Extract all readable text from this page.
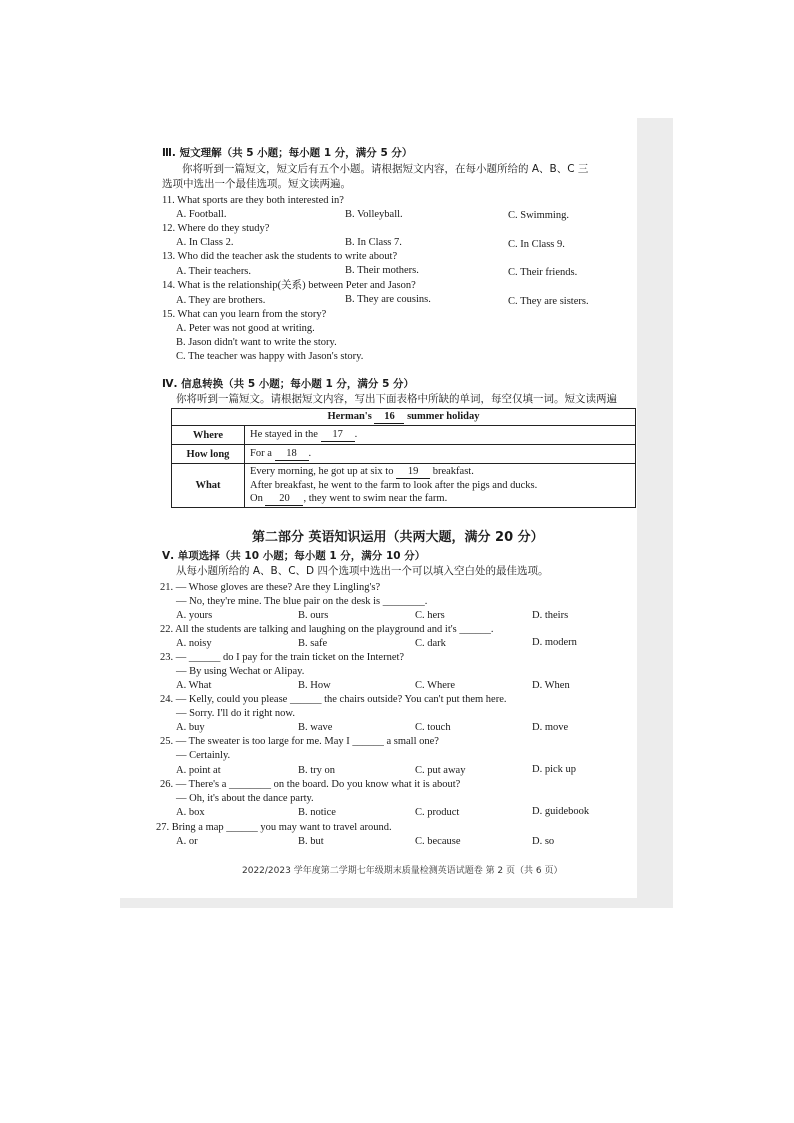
Ⅲ. 短文理解（共 5 小题；每小题 1 分，满分 5 分）
你将听到一篇短文，短文后有五个小题。请根据短文内容，在每小题所给的 A、B、C 三
选项中选出一个最佳选项。短文读两遍。
11. What sports are they both interested in?
A. Football.	B. Volleyball.	C. Swimming.
12. Where do they study?
A. In Class 2.	B. In Class 7.	C. In Class 9.
13. Who did the teacher ask the students to write about?
A. Their teachers.	B. Their mothers.	C. Their friends.
14. What is the relationship(关系) between Peter and Jason?
A. They are brothers.	B. They are cousins.	C. They are sisters.
15. What can you learn from the story?
A. Peter was not good at writing.
B. Jason didn't want to write the story.
C. The teacher was happy with Jason's story.
Ⅳ. 信息转换（共 5 小题；每小题 1 分，满分 5 分）
你将听到一篇短文。请根据短文内容，写出下面表格中所缺的单词，每空仅填一词。短文读两遍
Herman's 16 summer holiday	
Where	He stayed in the 17 .
How long	For a 18 .
What	Every morning, he got up at six to 19 breakfast.
After breakfast, he went to the farm to look after the pigs and ducks.
On 20 , they went to swim near the farm.
第二部分 英语知识运用（共两大题，满分 20 分）
Ⅴ. 单项选择（共 10 小题；每小题 1 分，满分 10 分）
从每小题所给的 A、B、C、D 四个选项中选出一个可以填入空白处的最佳选项。
21. — Whose gloves are these? Are they Lingling's?
— No, they're mine. The blue pair on the desk is ________.
A. yours	B. ours	C. hers	D. theirs
22. All the students are talking and laughing on the playground and it's ______.
A. noisy	B. safe	C. dark	D. modern
23. — ______ do I pay for the train ticket on the Internet?
— By using Wechat or Alipay.
A. What	B. How	C. Where	D. When
24. — Kelly, could you please ______ the chairs outside? You can't put them here.
— Sorry. I'll do it right now.
A. buy	B. wave	C. touch	D. move
25. — The sweater is too large for me. May I ______ a small one?
— Certainly.
A. point at	B. try on	C. put away	D. pick up
26. — There's a ________ on the board. Do you know what it is about?
— Oh, it's about the dance party.
A. box	B. notice	C. product	D. guidebook
27. Bring a map ______ you may want to travel around.
A. or	B. but	C. because	D. so
2022/2023 学年度第二学期七年级期末质量检测英语试题卷 第 2 页（共 6 页）
